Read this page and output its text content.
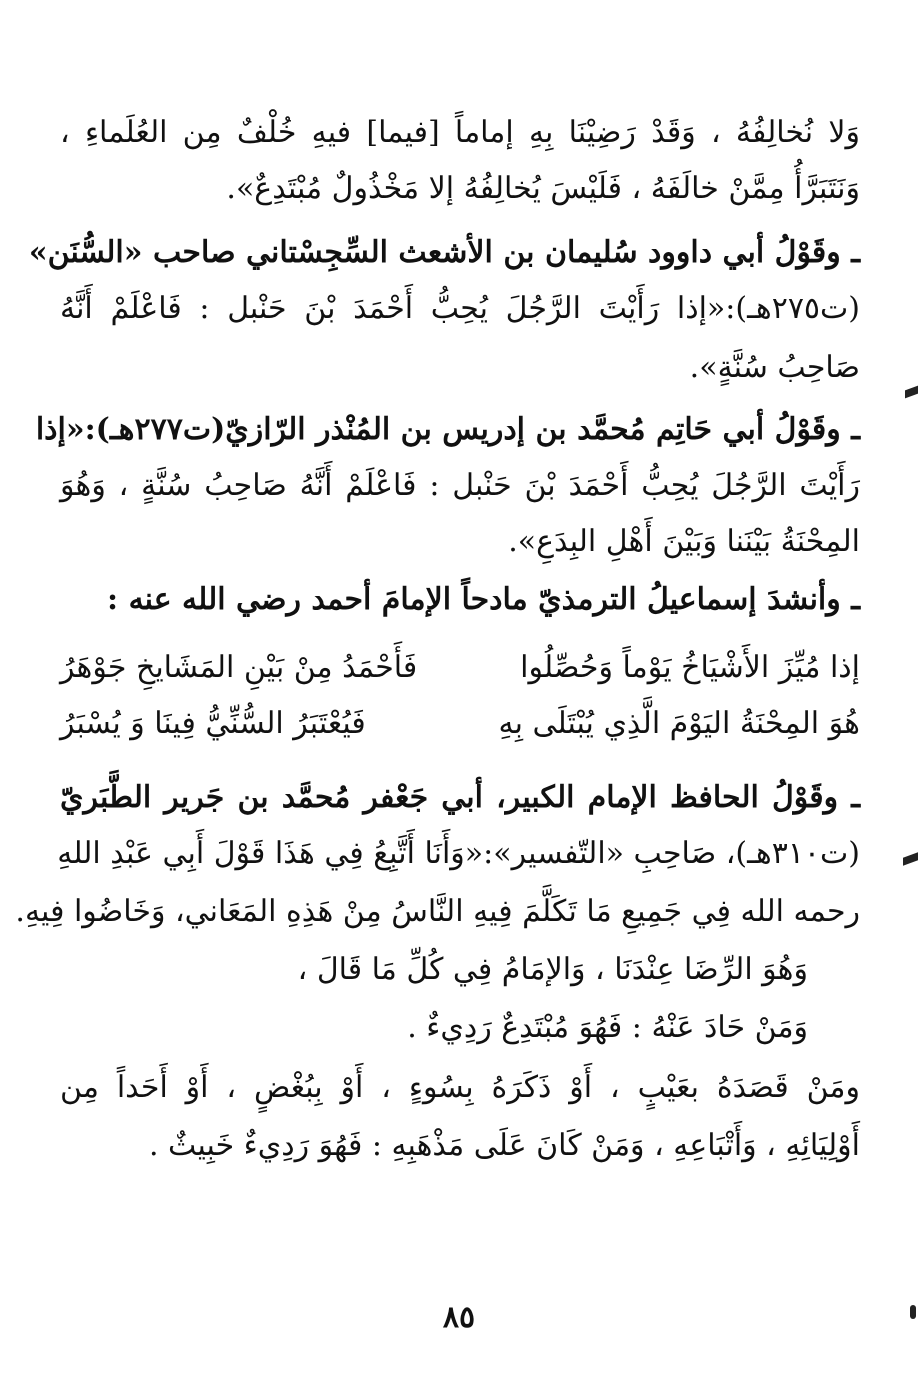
وَلا نُخالِفُهُ ، وَقَدْ رَضِيْنَا بِهِ إماماً [فيما] فيهِ خُلْفٌ مِن العُلَماءِ ،
وَنَتَبَرَّأُ مِمَّنْ خالَفَهُ ، فَلَيْسَ يُخالِفُهُ إلا مَخْذُولٌ مُبْتَدِعٌ».
ـ وقَوْلُ أبي داوود سُليمان بن الأشعث السِّجِسْتاني صاحب «السُّنَن»
(ت٢٧٥هـ):«إذا رَأَيْتَ الرَّجُلَ يُحِبُّ أَحْمَدَ بْنَ حَنْبل : فَاعْلَمْ أَنَّهُ
صَاحِبُ سُنَّةٍ».
ـ وقَوْلُ أبي حَاتِم مُحمَّد بن إدريس بن المُنْذر الرّازيّ(ت٢٧٧هـ):«إذا
رَأَيْتَ الرَّجُلَ يُحِبُّ أَحْمَدَ بْنَ حَنْبل : فَاعْلَمْ أَنَّهُ صَاحِبُ سُنَّةٍ ، وَهُوَ
المِحْنَةُ بَيْنَنا وَبَيْنَ أَهْلِ البِدَعِ».
ـ وأنشدَ إسماعيلُ الترمذيّ مادحاً الإمامَ أحمد رضي الله عنه :
إذا مُيِّزَ الأَشْيَاخُ يَوْماً وَحُصِّلُوا
فَأَحْمَدُ مِنْ بَيْنِ المَشَايخِ جَوْهَرُ
هُوَ المِحْنَةُ اليَوْمَ الَّذِي يُبْتَلَى بِهِ
فَيُعْتَبَرُ السُّنِّيُّ فِينَا وَ يُسْبَرُ
ـ وقَوْلُ الحافظ الإمام الكبير، أبي جَعْفر مُحمَّد بن جَرير الطَّبَريّ
(ت٣١٠هـ)، صَاحِبِ «التّفسير»:«وَأَنَا أَتَّبِعُ فِي هَذَا قَوْلَ أَبِي عَبْدِ اللهِ
رحمه الله فِي جَمِيعِ مَا تَكَلَّمَ فِيهِ النَّاسُ مِنْ هَذِهِ المَعَاني، وَخَاضُوا فِيهِ.
وَهُوَ الرِّضَا عِنْدَنَا ، وَالإمَامُ فِي كُلِّ مَا قَالَ ،
وَمَنْ حَادَ عَنْهُ : فَهُوَ مُبْتَدِعٌ رَدِيءٌ .
ومَنْ قَصَدَهُ بعَيْبٍ ، أَوْ ذَكَرَهُ بِسُوءٍ ، أَوْ بِبُغْضٍ ، أَوْ أَحَداً مِن
أَوْلِيَائِهِ ، وَأَتْبَاعِهِ ، وَمَنْ كَانَ عَلَى مَذْهَبِهِ : فَهُوَ رَدِيءٌ خَبِيثٌ .
٨٥
